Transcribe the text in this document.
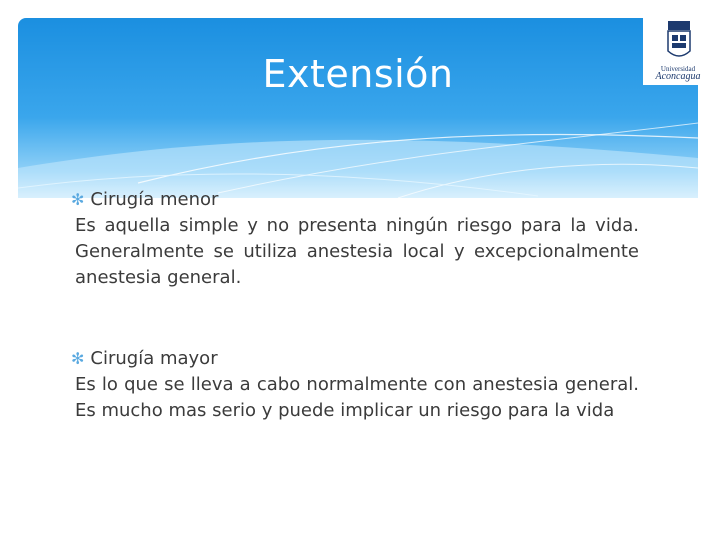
Extensión	Universidad
Aconcagua
✻ Cirugía menor
Es aquella simple y no presenta ningún riesgo para la vida. Generalmente se utiliza anestesia local y excepcionalmente anestesia general.
✻ Cirugía mayor
Es lo que se lleva a cabo normalmente con anestesia general. Es mucho mas serio y puede implicar un riesgo para la vida
